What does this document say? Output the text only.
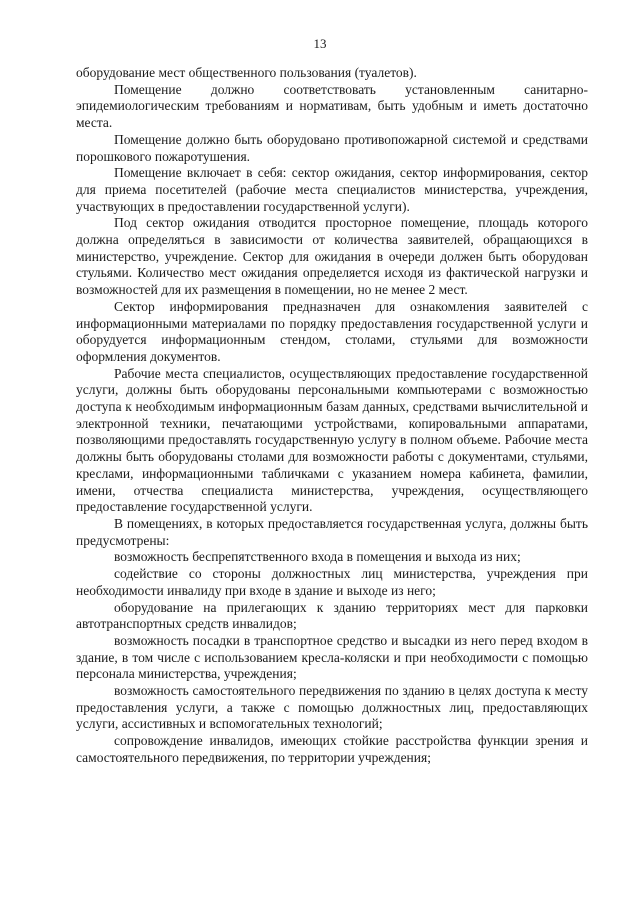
13

оборудование мест общественного пользования (туалетов).

Помещение должно соответствовать установленным санитарно-эпидемиологическим требованиям и нормативам, быть удобным и иметь достаточно места.

Помещение должно быть оборудовано противопожарной системой и средствами порошкового пожаротушения.

Помещение включает в себя: сектор ожидания, сектор информирования, сектор для приема посетителей (рабочие места специалистов министерства, учреждения, участвующих в предоставлении государственной услуги).

Под сектор ожидания отводится просторное помещение, площадь которого должна определяться в зависимости от количества заявителей, обращающихся в министерство, учреждение. Сектор для ожидания в очереди должен быть оборудован стульями. Количество мест ожидания определяется исходя из фактической нагрузки и возможностей для их размещения в помещении, но не менее 2 мест.

Сектор информирования предназначен для ознакомления заявителей с информационными материалами по порядку предоставления государственной услуги и оборудуется информационным стендом, столами, стульями для возможности оформления документов.

Рабочие места специалистов, осуществляющих предоставление государственной услуги, должны быть оборудованы персональными компьютерами с возможностью доступа к необходимым информационным базам данных, средствами вычислительной и электронной техники, печатающими устройствами, копировальными аппаратами, позволяющими предоставлять государственную услугу в полном объеме. Рабочие места должны быть оборудованы столами для возможности работы с документами, стульями, креслами, информационными табличками с указанием номера кабинета, фамилии, имени, отчества специалиста министерства, учреждения, осуществляющего предоставление государственной услуги.

В помещениях, в которых предоставляется государственная услуга, должны быть предусмотрены:

возможность беспрепятственного входа в помещения и выхода из них;

содействие со стороны должностных лиц министерства, учреждения при необходимости инвалиду при входе в здание и выходе из него;

оборудование на прилегающих к зданию территориях мест для парковки автотранспортных средств инвалидов;

возможность посадки в транспортное средство и высадки из него перед входом в здание, в том числе с использованием кресла-коляски и при необходимости с помощью персонала министерства, учреждения;

возможность самостоятельного передвижения по зданию в целях доступа к месту предоставления услуги, а также с помощью должностных лиц, предоставляющих услуги, ассистивных и вспомогательных технологий;

сопровождение инвалидов, имеющих стойкие расстройства функции зрения и самостоятельного передвижения, по территории учреждения;
